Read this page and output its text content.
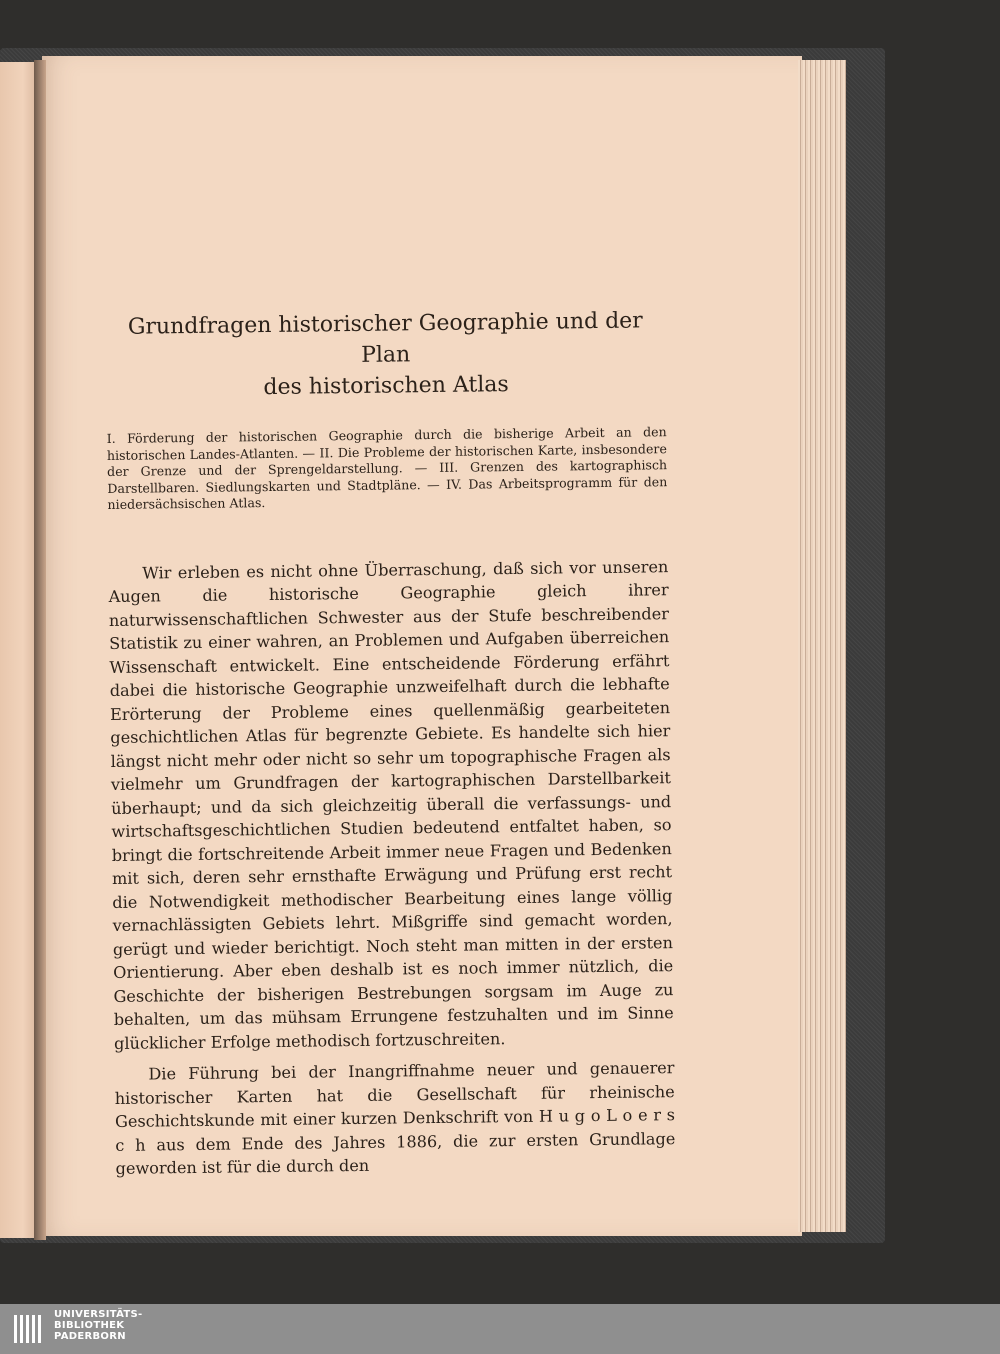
Grundfragen historischer Geographie und der Plan
des historischen Atlas

I. Förderung der historischen Geographie durch die bisherige Arbeit an den historischen Landes-Atlanten. — II. Die Probleme der historischen Karte, insbesondere der Grenze und der Sprengeldarstellung. — III. Grenzen des kartographisch Darstellbaren. Siedlungskarten und Stadtpläne. — IV. Das Arbeitsprogramm für den niedersächsischen Atlas.

Wir erleben es nicht ohne Überraschung, daß sich vor unseren Augen die historische Geographie gleich ihrer naturwissenschaftlichen Schwester aus der Stufe beschreibender Statistik zu einer wahren, an Problemen und Aufgaben überreichen Wissenschaft entwickelt. Eine entscheidende Förderung erfährt dabei die historische Geographie unzweifelhaft durch die lebhafte Erörterung der Probleme eines quellenmäßig gearbeiteten geschichtlichen Atlas für begrenzte Gebiete. Es handelte sich hier längst nicht mehr oder nicht so sehr um topographische Fragen als vielmehr um Grundfragen der kartographischen Darstellbarkeit überhaupt; und da sich gleichzeitig überall die verfassungs- und wirtschaftsgeschichtlichen Studien bedeutend entfaltet haben, so bringt die fortschreitende Arbeit immer neue Fragen und Bedenken mit sich, deren sehr ernsthafte Erwägung und Prüfung erst recht die Notwendigkeit methodischer Bearbeitung eines lange völlig vernachlässigten Gebiets lehrt. Mißgriffe sind gemacht worden, gerügt und wieder berichtigt. Noch steht man mitten in der ersten Orientierung. Aber eben deshalb ist es noch immer nützlich, die Geschichte der bisherigen Bestrebungen sorgsam im Auge zu behalten, um das mühsam Errungene festzuhalten und im Sinne glücklicher Erfolge methodisch fortzuschreiten.

Die Führung bei der Inangriffnahme neuer und genauerer historischer Karten hat die Gesellschaft für rheinische Geschichtskunde mit einer kurzen Denkschrift von H u g o L o e r s c h aus dem Ende des Jahres 1886, die zur ersten Grundlage geworden ist für die durch den

UNIVERSITÄTS-
BIBLIOTHEK
PADERBORN
